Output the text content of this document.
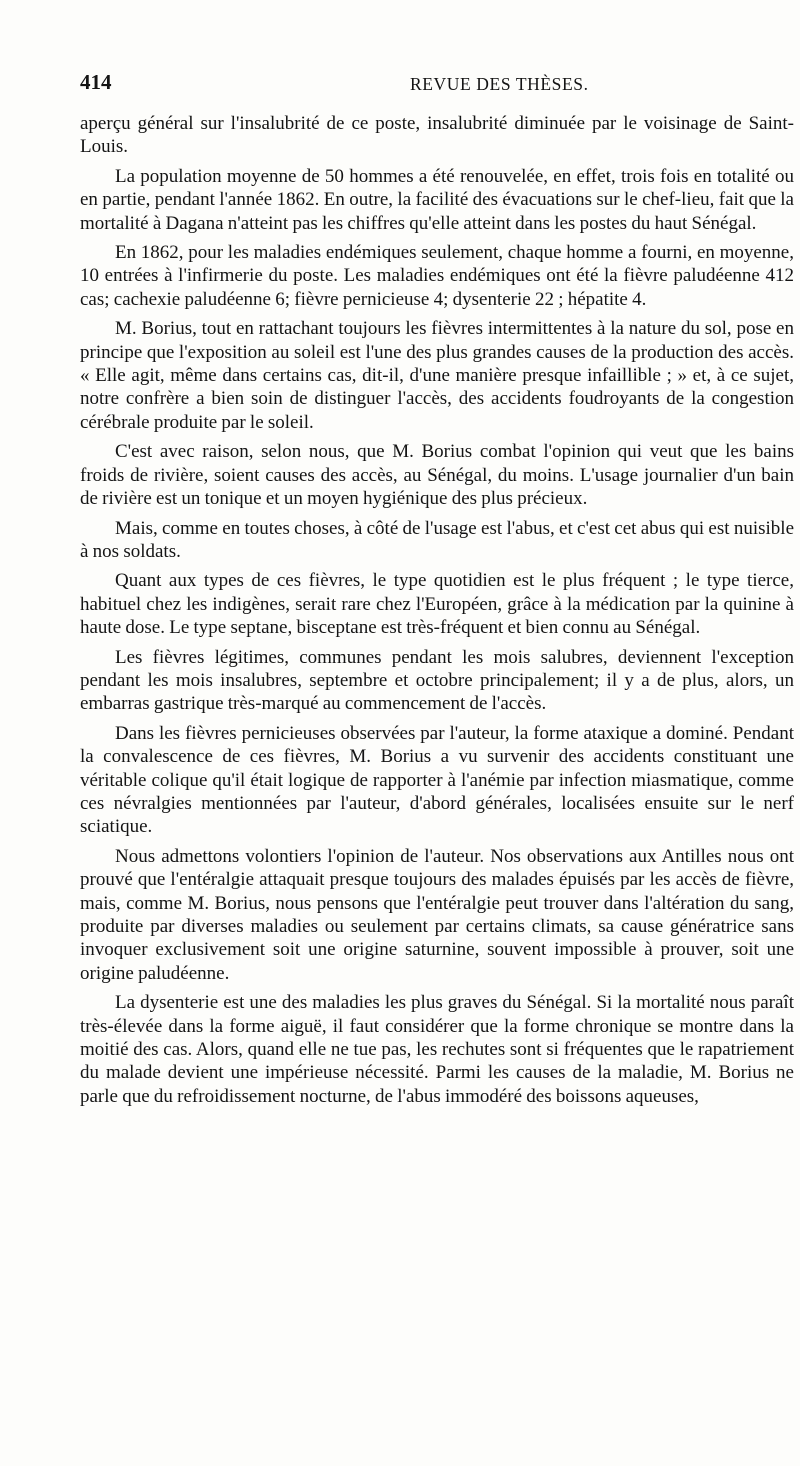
414	REVUE DES THÈSES.

aperçu général sur l'insalubrité de ce poste, insalubrité diminuée par le voisinage de Saint-Louis.

La population moyenne de 50 hommes a été renouvelée, en effet, trois fois en totalité ou en partie, pendant l'année 1862. En outre, la facilité des évacuations sur le chef-lieu, fait que la mortalité à Dagana n'atteint pas les chiffres qu'elle atteint dans les postes du haut Sénégal.

En 1862, pour les maladies endémiques seulement, chaque homme a fourni, en moyenne, 10 entrées à l'infirmerie du poste. Les maladies endémiques ont été la fièvre paludéenne 412 cas; cachexie paludéenne 6; fièvre pernicieuse 4; dysenterie 22 ; hépatite 4.

M. Borius, tout en rattachant toujours les fièvres intermittentes à la nature du sol, pose en principe que l'exposition au soleil est l'une des plus grandes causes de la production des accès. « Elle agit, même dans certains cas, dit-il, d'une manière presque infaillible ; » et, à ce sujet, notre confrère a bien soin de distinguer l'accès, des accidents foudroyants de la congestion cérébrale produite par le soleil.

C'est avec raison, selon nous, que M. Borius combat l'opinion qui veut que les bains froids de rivière, soient causes des accès, au Sénégal, du moins. L'usage journalier d'un bain de rivière est un tonique et un moyen hygiénique des plus précieux.

Mais, comme en toutes choses, à côté de l'usage est l'abus, et c'est cet abus qui est nuisible à nos soldats.

Quant aux types de ces fièvres, le type quotidien est le plus fréquent ; le type tierce, habituel chez les indigènes, serait rare chez l'Européen, grâce à la médication par la quinine à haute dose. Le type septane, bisceptane est très-fréquent et bien connu au Sénégal.

Les fièvres légitimes, communes pendant les mois salubres, deviennent l'exception pendant les mois insalubres, septembre et octobre principalement; il y a de plus, alors, un embarras gastrique très-marqué au commencement de l'accès.

Dans les fièvres pernicieuses observées par l'auteur, la forme ataxique a dominé. Pendant la convalescence de ces fièvres, M. Borius a vu survenir des accidents constituant une véritable colique qu'il était logique de rapporter à l'anémie par infection miasmatique, comme ces névralgies mentionnées par l'auteur, d'abord générales, localisées ensuite sur le nerf sciatique.

Nous admettons volontiers l'opinion de l'auteur. Nos observations aux Antilles nous ont prouvé que l'entéralgie attaquait presque toujours des malades épuisés par les accès de fièvre, mais, comme M. Borius, nous pensons que l'entéralgie peut trouver dans l'altération du sang, produite par diverses maladies ou seulement par certains climats, sa cause génératrice sans invoquer exclusivement soit une origine saturnine, souvent impossible à prouver, soit une origine paludéenne.

La dysenterie est une des maladies les plus graves du Sénégal. Si la mortalité nous paraît très-élevée dans la forme aiguë, il faut considérer que la forme chronique se montre dans la moitié des cas. Alors, quand elle ne tue pas, les rechutes sont si fréquentes que le rapatriement du malade devient une impérieuse nécessité. Parmi les causes de la maladie, M. Borius ne parle que du refroidissement nocturne, de l'abus immodéré des boissons aqueuses,
